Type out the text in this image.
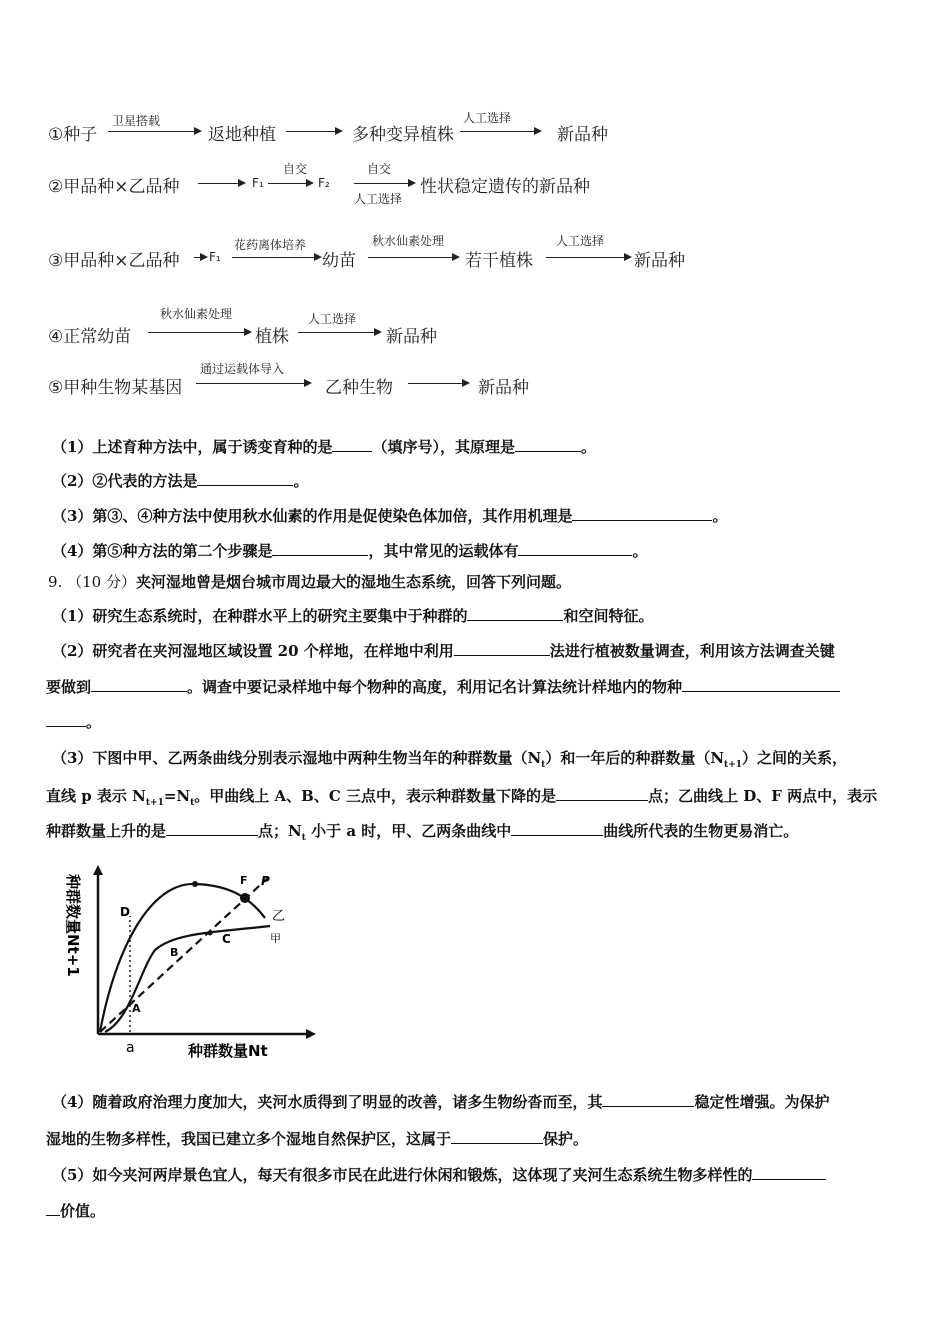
①种子
卫星搭载
返地种植	多种变异植株
人工选择
新品种
②甲品种×乙品种	F₁
自交
F₂
自交
人工选择
性状稳定遗传的新品种
③甲品种×乙品种 F₁
花药离体培养
幼苗
秋水仙素处理
若干植株
人工选择
新品种
④正常幼苗
秋水仙素处理
植株
人工选择
新品种
⑤甲种生物某基因
通过运载体导入
乙种生物	新品种
（1）上述育种方法中，属于诱变育种的是	（填序号），其原理是	。
（2）②代表的方法是	。
（3）第③、④种方法中使用秋水仙素的作用是促使染色体加倍，其作用机理是	。
（4）第⑤种方法的第二个步骤是	，其中常见的运载体有	。
9. （10 分）夹河湿地曾是烟台城市周边最大的湿地生态系统，回答下列问题。
（1）研究生态系统时，在种群水平上的研究主要集中于种群的	和空间特征。
（2）研究者在夹河湿地区域设置 20 个样地，在样地中利用	法进行植被数量调查，利用该方法调查关键
要做到	。调查中要记录样地中每个物种的高度，利用记名计算法统计样地内的物种
。
（3）下图中甲、乙两条曲线分别表示湿地中两种生物当年的种群数量$(N_t)$和一年后的种群数量$(N_{t+1})$之间的关系，
直线 p 表示 $N_{t+1}=N_t$。甲曲线上 A、B、C 三点中，表示种群数量下降的是	点；乙曲线上 D、F 两点中，表示
种群数量上升的是	点；$N_t$ 小于 a 时，甲、乙两条曲线中	曲线所代表的生物更易消亡。
D
F P
乙
甲
C
B
A
a	种群数量Nt
种群数量Nt+1
（4）随着政府治理力度加大，夹河水质得到了明显的改善，诸多生物纷沓而至，其	稳定性增强。为保护
湿地的生物多样性，我国已建立多个湿地自然保护区，这属于	保护。
（5）如今夹河两岸景色宜人，每天有很多市民在此进行休闲和锻炼，这体现了夹河生态系统生物多样性的
价值。
